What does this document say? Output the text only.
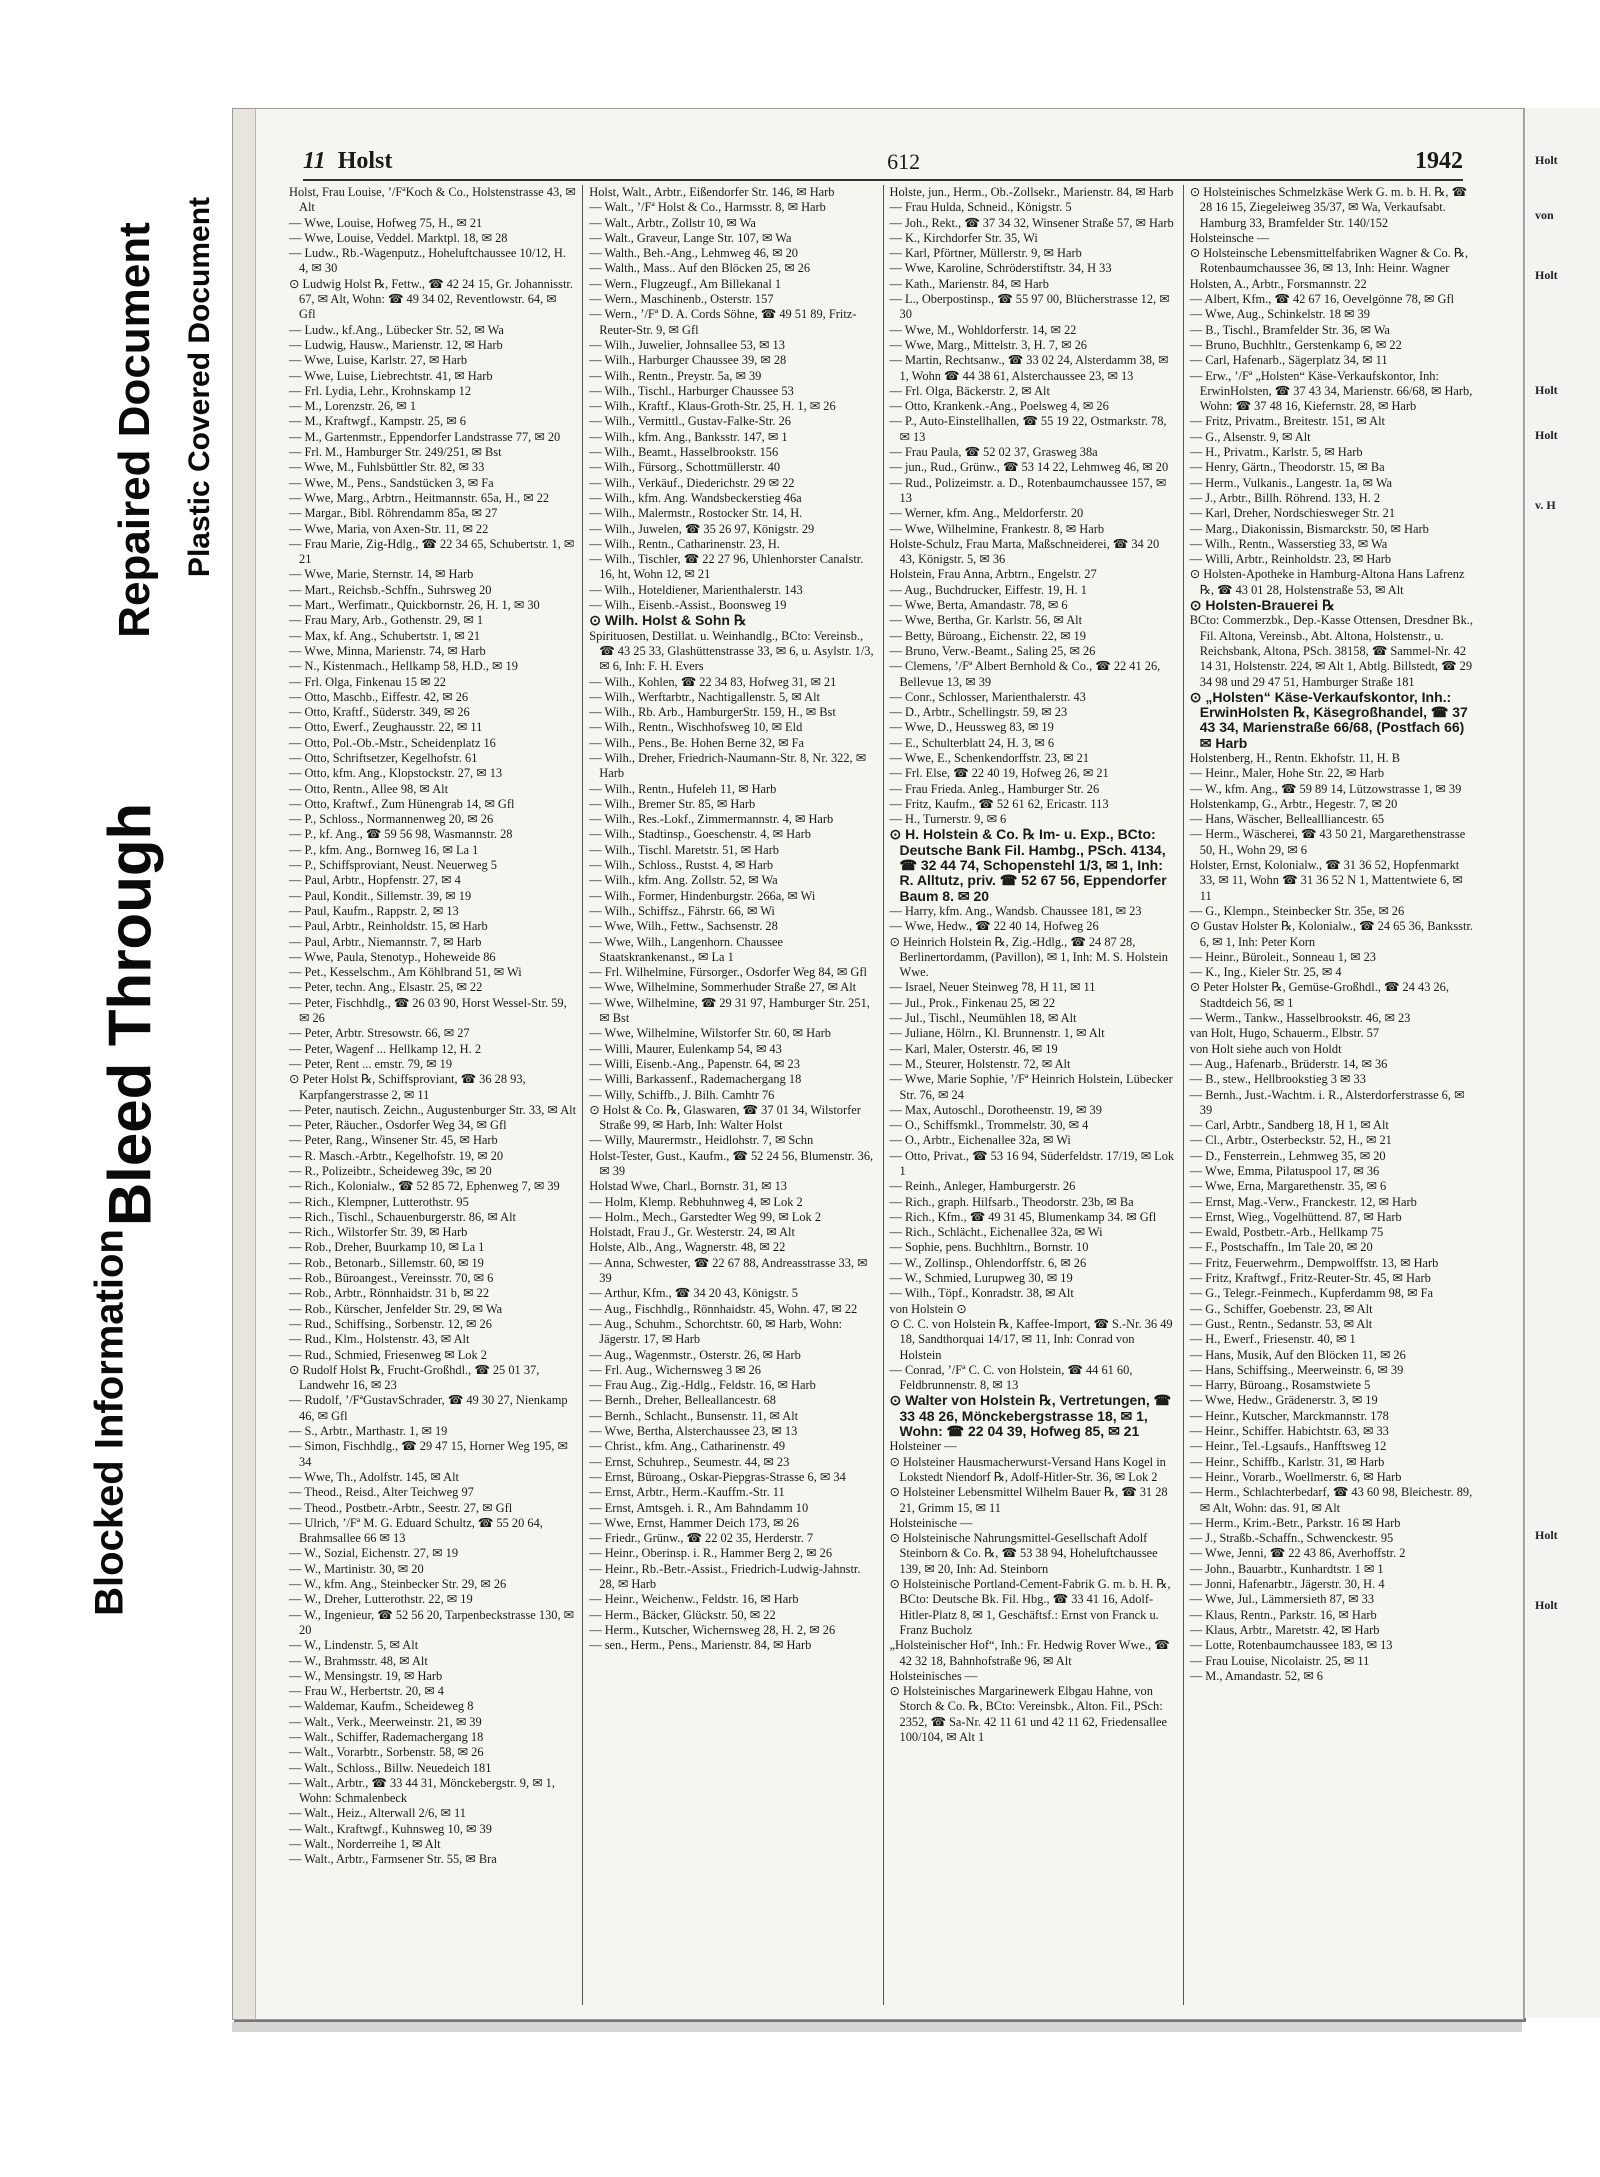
Blocked Information
Bleed Through
Repaired Document Plastic Covered Document
11 Holst	612	1942

Holst, Frau Louise, ’/FªKoch & Co., Holstenstrasse 43, ✉ Alt

— Wwe, Louise, Hofweg 75, H., ✉ 21

— Wwe, Louise, Veddel. Marktpl. 18, ✉ 28

— Ludw., Rb.-Wagenputz., Hoheluftchaussee 10/12, H. 4, ✉ 30

⊙ Ludwig Holst ℞, Fettw., ☎ 42 24 15, Gr. Johannisstr. 67, ✉ Alt, Wohn: ☎ 49 34 02, Reventlowstr. 64, ✉ Gfl

— Ludw., kf.Ang., Lübecker Str. 52, ✉ Wa

— Ludwig, Hausw., Marienstr. 12, ✉ Harb

— Wwe, Luise, Karlstr. 27, ✉ Harb

— Wwe, Luise, Liebrechtstr. 41, ✉ Harb

— Frl. Lydia, Lehr., Krohnskamp 12

— M., Lorenzstr. 26, ✉ 1

— M., Kraftwgf., Kampstr. 25, ✉ 6

— M., Gartenmstr., Eppendorfer Landstrasse 77, ✉ 20

— Frl. M., Hamburger Str. 249/251, ✉ Bst

— Wwe, M., Fuhlsbüttler Str. 82, ✉ 33

— Wwe, M., Pens., Sandstücken 3, ✉ Fa

— Wwe, Marg., Arbtrn., Heitmannstr. 65a, H., ✉ 22

— Margar., Bibl. Röhrendamm 85a, ✉ 27

— Wwe, Maria, von Axen-Str. 11, ✉ 22

— Frau Marie, Zig-Hdlg., ☎ 22 34 65, Schubertstr. 1, ✉ 21

— Wwe, Marie, Sternstr. 14, ✉ Harb

— Mart., Reichsb.-Schffn., Suhrsweg 20

— Mart., Werfimatr., Quickbornstr. 26, H. 1, ✉ 30

— Frau Mary, Arb., Gothenstr. 29, ✉ 1

— Max, kf. Ang., Schubertstr. 1, ✉ 21

— Wwe, Minna, Marienstr. 74, ✉ Harb

— N., Kistenmach., Hellkamp 58, H.D., ✉ 19

— Frl. Olga, Finkenau 15 ✉ 22

— Otto, Maschb., Eiffestr. 42, ✉ 26

— Otto, Kraftf., Süderstr. 349, ✉ 26

— Otto, Ewerf., Zeughausstr. 22, ✉ 11

— Otto, Pol.-Ob.-Mstr., Scheidenplatz 16

— Otto, Schriftsetzer, Kegelhofstr. 61

— Otto, kfm. Ang., Klopstockstr. 27, ✉ 13

— Otto, Rentn., Allee 98, ✉ Alt

— Otto, Kraftwf., Zum Hünengrab 14, ✉ Gfl

— P., Schloss., Normannenweg 20, ✉ 26

— P., kf. Ang., ☎ 59 56 98, Wasmannstr. 28

— P., kfm. Ang., Bornweg 16, ✉ La 1

— P., Schiffsproviant, Neust. Neuerweg 5

— Paul, Arbtr., Hopfenstr. 27, ✉ 4

— Paul, Kondit., Sillemstr. 39, ✉ 19

— Paul, Kaufm., Rappstr. 2, ✉ 13

— Paul, Arbtr., Reinholdstr. 15, ✉ Harb

— Paul, Arbtr., Niemannstr. 7, ✉ Harb

— Wwe, Paula, Stenotyp., Hoheweide 86

— Pet., Kesselschm., Am Köhlbrand 51, ✉ Wi

— Peter, techn. Ang., Elsastr. 25, ✉ 22

— Peter, Fischhdlg., ☎ 26 03 90, Horst Wessel-Str. 59, ✉ 26

— Peter, Arbtr. Stresowstr. 66, ✉ 27

— Peter, Wagenf ... Hellkamp 12, H. 2

— Peter, Rent ... emstr. 79, ✉ 19

⊙ Peter Holst ℞, Schiffsproviant, ☎ 36 28 93, Karpfangerstrasse 2, ✉ 11

— Peter, nautisch. Zeichn., Augustenburger Str. 33, ✉ Alt

— Peter, Räucher., Osdorfer Weg 34, ✉ Gfl

— Peter, Rang., Winsener Str. 45, ✉ Harb

— R. Masch.-Arbtr., Kegelhofstr. 19, ✉ 20

— R., Polizeibtr., Scheideweg 39c, ✉ 20

— Rich., Kolonialw., ☎ 52 85 72, Ephenweg 7, ✉ 39

— Rich., Klempner, Lutterothstr. 95

— Rich., Tischl., Schauenburgerstr. 86, ✉ Alt

— Rich., Wilstorfer Str. 39, ✉ Harb

— Rob., Dreher, Buurkamp 10, ✉ La 1

— Rob., Betonarb., Sillemstr. 60, ✉ 19

— Rob., Büroangest., Vereinsstr. 70, ✉ 6

— Rob., Arbtr., Rönnhaidstr. 31 b, ✉ 22

— Rob., Kürscher, Jenfelder Str. 29, ✉ Wa

— Rud., Schiffsing., Sorbenstr. 12, ✉ 26

— Rud., Klm., Holstenstr. 43, ✉ Alt

— Rud., Schmied, Friesenweg ✉ Lok 2

⊙ Rudolf Holst ℞, Frucht-Großhdl., ☎ 25 01 37, Landwehr 16, ✉ 23

— Rudolf, ’/FªGustavSchrader, ☎ 49 30 27, Nienkamp 46, ✉ Gfl

— S., Arbtr., Marthastr. 1, ✉ 19

— Simon, Fischhdlg., ☎ 29 47 15, Horner Weg 195, ✉ 34

— Wwe, Th., Adolfstr. 145, ✉ Alt

— Theod., Reisd., Alter Teichweg 97

— Theod., Postbetr.-Arbtr., Seestr. 27, ✉ Gfl

— Ulrich, ’/Fª M. G. Eduard Schultz, ☎ 55 20 64, Brahmsallee 66 ✉ 13

— W., Sozial, Eichenstr. 27, ✉ 19

— W., Martinistr. 30, ✉ 20

— W., kfm. Ang., Steinbecker Str. 29, ✉ 26

— W., Dreher, Lutterothstr. 22, ✉ 19

— W., Ingenieur, ☎ 52 56 20, Tarpenbeckstrasse 130, ✉ 20

— W., Lindenstr. 5, ✉ Alt

— W., Brahmsstr. 48, ✉ Alt

— W., Mensingstr. 19, ✉ Harb

— Frau W., Herbertstr. 20, ✉ 4

— Waldemar, Kaufm., Scheideweg 8

— Walt., Verk., Meerweinstr. 21, ✉ 39

— Walt., Schiffer, Rademachergang 18

— Walt., Vorarbtr., Sorbenstr. 58, ✉ 26

— Walt., Schloss., Billw. Neuedeich 181

— Walt., Arbtr., ☎ 33 44 31, Mönckebergstr. 9, ✉ 1, Wohn: Schmalenbeck

— Walt., Heiz., Alterwall 2/6, ✉ 11

— Walt., Kraftwgf., Kuhnsweg 10, ✉ 39

— Walt., Norderreihe 1, ✉ Alt

— Walt., Arbtr., Farmsener Str. 55, ✉ Bra

Holst, Walt., Arbtr., Eißendorfer Str. 146, ✉ Harb

— Walt., ’/Fª Holst & Co., Harmsstr. 8, ✉ Harb

— Walt., Arbtr., Zollstr 10, ✉ Wa

— Walt., Graveur, Lange Str. 107, ✉ Wa

— Walth., Beh.-Ang., Lehmweg 46, ✉ 20

— Walth., Mass.. Auf den Blöcken 25, ✉ 26

— Wern., Flugzeugf., Am Billekanal 1

— Wern., Maschinenb., Osterstr. 157

— Wern., ’/Fª D. A. Cords Söhne, ☎ 49 51 89, Fritz-Reuter-Str. 9, ✉ Gfl

— Wilh., Juwelier, Johnsallee 53, ✉ 13

— Wilh., Harburger Chaussee 39, ✉ 28

— Wilh., Rentn., Preystr. 5a, ✉ 39

— Wilh., Tischl., Harburger Chaussee 53

— Wilh., Kraftf., Klaus-Groth-Str. 25, H. 1, ✉ 26

— Wilh., Vermittl., Gustav-Falke-Str. 26

— Wilh., kfm. Ang., Banksstr. 147, ✉ 1

— Wilh., Beamt., Hasselbrookstr. 156

— Wilh., Fürsorg., Schottmüllerstr. 40

— Wilh., Verkäuf., Diederichstr. 29 ✉ 22

— Wilh., kfm. Ang. Wandsbeckerstieg 46a

— Wilh., Malermstr., Rostocker Str. 14, H.

— Wilh., Juwelen, ☎ 35 26 97, Königstr. 29

— Wilh., Rentn., Catharinenstr. 23, H.

— Wilh., Tischler, ☎ 22 27 96, Uhlenhorster Canalstr. 16, ht, Wohn 12, ✉ 21

— Wilh., Hoteldiener, Marienthalerstr. 143

— Wilh., Eisenb.-Assist., Boonsweg 19

⊙ Wilh. Holst & Sohn ℞

Spirituosen, Destillat. u. Weinhandlg., BCto: Vereinsb., ☎ 43 25 33, Glashüttenstrasse 33, ✉ 6, u. Asylstr. 1/3, ✉ 6, Inh: F. H. Evers

— Wilh., Kohlen, ☎ 22 34 83, Hofweg 31, ✉ 21

— Wilh., Werftarbtr., Nachtigallenstr. 5, ✉ Alt

— Wilh., Rb. Arb., HamburgerStr. 159, H., ✉ Bst

— Wilh., Rentn., Wischhofsweg 10, ✉ Eld

— Wilh., Pens., Be. Hohen Berne 32, ✉ Fa

— Wilh., Dreher, Friedrich-Naumann-Str. 8, Nr. 322, ✉ Harb

— Wilh., Rentn., Hufeleh 11, ✉ Harb

— Wilh., Bremer Str. 85, ✉ Harb

— Wilh., Res.-Lokf., Zimmermannstr. 4, ✉ Harb

— Wilh., Stadtinsp., Goeschenstr. 4, ✉ Harb

— Wilh., Tischl. Maretstr. 51, ✉ Harb

— Wilh., Schloss., Rustst. 4, ✉ Harb

— Wilh., kfm. Ang. Zollstr. 52, ✉ Wa

— Wilh., Former, Hindenburgstr. 266a, ✉ Wi

— Wilh., Schiffsz., Fährstr. 66, ✉ Wi

— Wwe, Wilh., Fettw., Sachsenstr. 28

— Wwe, Wilh., Langenhorn. Chaussee Staatskrankenanst., ✉ La 1

— Frl. Wilhelmine, Fürsorger., Osdorfer Weg 84, ✉ Gfl

— Wwe, Wilhelmine, Sommerhuder Straße 27, ✉ Alt

— Wwe, Wilhelmine, ☎ 29 31 97, Hamburger Str. 251, ✉ Bst

— Wwe, Wilhelmine, Wilstorfer Str. 60, ✉ Harb

— Willi, Maurer, Eulenkamp 54, ✉ 43

— Willi, Eisenb.-Ang., Papenstr. 64, ✉ 23

— Willi, Barkassenf., Rademachergang 18

— Willy, Schiffb., J. Bilh. Camhtr 76

⊙ Holst & Co. ℞, Glaswaren, ☎ 37 01 34, Wilstorfer Straße 99, ✉ Harb, Inh: Walter Holst

— Willy, Maurermstr., Heidlohstr. 7, ✉ Schn

Holst-Tester, Gust., Kaufm., ☎ 52 24 56, Blumenstr. 36, ✉ 39

Holstad Wwe, Charl., Bornstr. 31, ✉ 13

— Holm, Klemp. Rebhuhnweg 4, ✉ Lok 2

— Holm., Mech., Garstedter Weg 99, ✉ Lok 2

Holstadt, Frau J., Gr. Westerstr. 24, ✉ Alt

Holste, Alb., Ang., Wagnerstr. 48, ✉ 22

— Anna, Schwester, ☎ 22 67 88, Andreasstrasse 33, ✉ 39

— Arthur, Kfm., ☎ 34 20 43, Königstr. 5

— Aug., Fischhdlg., Rönnhaidstr. 45, Wohn. 47, ✉ 22

— Aug., Schuhm., Schorchtstr. 60, ✉ Harb, Wohn: Jägerstr. 17, ✉ Harb

— Aug., Wagenmstr., Osterstr. 26, ✉ Harb

— Frl. Aug., Wichernsweg 3 ✉ 26

— Frau Aug., Zig.-Hdlg., Feldstr. 16, ✉ Harb

— Bernh., Dreher, Belleallancestr. 68

— Bernh., Schlacht., Bunsenstr. 11, ✉ Alt

— Wwe, Bertha, Alsterchaussee 23, ✉ 13

— Christ., kfm. Ang., Catharinenstr. 49

— Ernst, Schuhrep., Seumestr. 44, ✉ 23

— Ernst, Büroang., Oskar-Piepgras-Strasse 6, ✉ 34

— Ernst, Arbtr., Herm.-Kauffm.-Str. 11

— Ernst, Amtsgeh. i. R., Am Bahndamm 10

— Wwe, Ernst, Hammer Deich 173, ✉ 26

— Friedr., Grünw., ☎ 22 02 35, Herderstr. 7

— Heinr., Oberinsp. i. R., Hammer Berg 2, ✉ 26

— Heinr., Rb.-Betr.-Assist., Friedrich-Ludwig-Jahnstr. 28, ✉ Harb

— Heinr., Weichenw., Feldstr. 16, ✉ Harb

— Herm., Bäcker, Glückstr. 50, ✉ 22

— Herm., Kutscher, Wichernsweg 28, H. 2, ✉ 26

— sen., Herm., Pens., Marienstr. 84, ✉ Harb

Holste, jun., Herm., Ob.-Zollsekr., Marienstr. 84, ✉ Harb

— Frau Hulda, Schneid., Königstr. 5

— Joh., Rekt., ☎ 37 34 32, Winsener Straße 57, ✉ Harb

— K., Kirchdorfer Str. 35, Wi

— Karl, Pförtner, Müllerstr. 9, ✉ Harb

— Wwe, Karoline, Schröderstiftstr. 34, H 33

— Kath., Marienstr. 84, ✉ Harb

— L., Oberpostinsp., ☎ 55 97 00, Blücherstrasse 12, ✉ 30

— Wwe, M., Wohldorferstr. 14, ✉ 22

— Wwe, Marg., Mittelstr. 3, H. 7, ✉ 26

— Martin, Rechtsanw., ☎ 33 02 24, Alsterdamm 38, ✉ 1, Wohn ☎ 44 38 61, Alsterchaussee 23, ✉ 13

— Frl. Olga, Bäckerstr. 2, ✉ Alt

— Otto, Krankenk.-Ang., Poelsweg 4, ✉ 26

— P., Auto-Einstellhallen, ☎ 55 19 22, Ostmarkstr. 78, ✉ 13

— Frau Paula, ☎ 52 02 37, Grasweg 38a

— jun., Rud., Grünw., ☎ 53 14 22, Lehmweg 46, ✉ 20

— Rud., Polizeimstr. a. D., Rotenbaumchaussee 157, ✉ 13

— Werner, kfm. Ang., Meldorferstr. 20

— Wwe, Wilhelmine, Frankestr. 8, ✉ Harb

Holste-Schulz, Frau Marta, Maßschneiderei, ☎ 34 20 43, Königstr. 5, ✉ 36

Holstein, Frau Anna, Arbtrn., Engelstr. 27

— Aug., Buchdrucker, Eiffestr. 19, H. 1

— Wwe, Berta, Amandastr. 78, ✉ 6

— Wwe, Bertha, Gr. Karlstr. 56, ✉ Alt

— Betty, Büroang., Eichenstr. 22, ✉ 19

— Bruno, Verw.-Beamt., Saling 25, ✉ 26

— Clemens, ’/Fª Albert Bernhold & Co., ☎ 22 41 26, Bellevue 13, ✉ 39

— Conr., Schlosser, Marienthalerstr. 43

— D., Arbtr., Schellingstr. 59, ✉ 23

— Wwe, D., Heussweg 83, ✉ 19

— E., Schulterblatt 24, H. 3, ✉ 6

— Wwe, E., Schenkendorffstr. 23, ✉ 21

— Frl. Else, ☎ 22 40 19, Hofweg 26, ✉ 21

— Frau Frieda. Anleg., Hamburger Str. 26

— Fritz, Kaufm., ☎ 52 61 62, Ericastr. 113

— H., Turnerstr. 9, ✉ 6

⊙ H. Holstein & Co. ℞ Im- u. Exp., BCto: Deutsche Bank Fil. Hambg., PSch. 4134, ☎ 32 44 74, Schopenstehl 1/3, ✉ 1, Inh: R. Alltutz, priv. ☎ 52 67 56, Eppendorfer Baum 8. ✉ 20

— Harry, kfm. Ang., Wandsb. Chaussee 181, ✉ 23

— Wwe, Hedw., ☎ 22 40 14, Hofweg 26

⊙ Heinrich Holstein ℞, Zig.-Hdlg., ☎ 24 87 28, Berlinertordamm, (Pavillon), ✉ 1, Inh: M. S. Holstein Wwe.

— Israel, Neuer Steinweg 78, H 11, ✉ 11

— Jul., Prok., Finkenau 25, ✉ 22

— Jul., Tischl., Neumühlen 18, ✉ Alt

— Juliane, Hölrn., Kl. Brunnenstr. 1, ✉ Alt

— Karl, Maler, Osterstr. 46, ✉ 19

— M., Steurer, Holstenstr. 72, ✉ Alt

— Wwe, Marie Sophie, ’/Fª Heinrich Holstein, Lübecker Str. 76, ✉ 24

— Max, Autoschl., Dorotheenstr. 19, ✉ 39

— O., Schiffsmkl., Trommelstr. 30, ✉ 4

— O., Arbtr., Eichenallee 32a, ✉ Wi

— Otto, Privat., ☎ 53 16 94, Süderfeldstr. 17/19, ✉ Lok 1

— Reinh., Anleger, Hamburgerstr. 26

— Rich., graph. Hilfsarb., Theodorstr. 23b, ✉ Ba

— Rich., Kfm., ☎ 49 31 45, Blumenkamp 34. ✉ Gfl

— Rich., Schlächt., Eichenallee 32a, ✉ Wi

— Sophie, pens. Buchhltrn., Bornstr. 10

— W., Zollinsp., Ohlendorffstr. 6, ✉ 26

— W., Schmied, Lurupweg 30, ✉ 19

— Wilh., Töpf., Konradstr. 38, ✉ Alt

von Holstein ⊙

⊙ C. C. von Holstein ℞, Kaffee-Import, ☎ S.-Nr. 36 49 18, Sandthorquai 14/17, ✉ 11, Inh: Conrad von Holstein

— Conrad, ’/Fª C. C. von Holstein, ☎ 44 61 60, Feldbrunnenstr. 8, ✉ 13

⊙ Walter von Holstein ℞, Vertretungen, ☎ 33 48 26, Mönckebergstrasse 18, ✉ 1, Wohn: ☎ 22 04 39, Hofweg 85, ✉ 21

Holsteiner —

⊙ Holsteiner Hausmacherwurst-Versand Hans Kogel in Lokstedt Niendorf ℞, Adolf-Hitler-Str. 36, ✉ Lok 2

⊙ Holsteiner Lebensmittel Wilhelm Bauer ℞, ☎ 31 28 21, Grimm 15, ✉ 11

Holsteinische —

⊙ Holsteinische Nahrungsmittel-Gesellschaft Adolf Steinborn & Co. ℞, ☎ 53 38 94, Hoheluftchaussee 139, ✉ 20, Inh: Ad. Steinborn

⊙ Holsteinische Portland-Cement-Fabrik G. m. b. H. ℞, BCto: Deutsche Bk. Fil. Hbg., ☎ 33 41 16, Adolf-Hitler-Platz 8, ✉ 1, Geschäftsf.: Ernst von Franck u. Franz Bucholz

„Holsteinischer Hof“, Inh.: Fr. Hedwig Rover Wwe., ☎ 42 32 18, Bahnhofstraße 96, ✉ Alt

Holsteinisches —

⊙ Holsteinisches Margarinewerk Elbgau Hahne, von Storch & Co. ℞, BCto: Vereinsbk., Alton. Fil., PSch: 2352, ☎ Sa-Nr. 42 11 61 und 42 11 62, Friedensallee 100/104, ✉ Alt 1

⊙ Holsteinisches Schmelzkäse Werk G. m. b. H. ℞, ☎ 28 16 15, Ziegeleiweg 35/37, ✉ Wa, Verkaufsabt. Hamburg 33, Bramfelder Str. 140/152

Holsteinsche —

⊙ Holsteinsche Lebensmittelfabriken Wagner & Co. ℞, Rotenbaumchaussee 36, ✉ 13, Inh: Heinr. Wagner

Holsten, A., Arbtr., Forsmannstr. 22

— Albert, Kfm., ☎ 42 67 16, Oevelgönne 78, ✉ Gfl

— Wwe, Aug., Schinkelstr. 18 ✉ 39

— B., Tischl., Bramfelder Str. 36, ✉ Wa

— Bruno, Buchhltr., Gerstenkamp 6, ✉ 22

— Carl, Hafenarb., Sägerplatz 34, ✉ 11

— Erw., ’/Fª „Holsten“ Käse-Verkaufskontor, Inh: ErwinHolsten, ☎ 37 43 34, Marienstr. 66/68, ✉ Harb, Wohn: ☎ 37 48 16, Kiefernstr. 28, ✉ Harb

— Fritz, Privatm., Breitestr. 151, ✉ Alt

— G., Alsenstr. 9, ✉ Alt

— H., Privatm., Karlstr. 5, ✉ Harb

— Henry, Gärtn., Theodorstr. 15, ✉ Ba

— Herm., Vulkanis., Langestr. 1a, ✉ Wa

— J., Arbtr., Billh. Röhrend. 133, H. 2

— Karl, Dreher, Nordschiesweger Str. 21

— Marg., Diakonissin, Bismarckstr. 50, ✉ Harb

— Wilh., Rentn., Wasserstieg 33, ✉ Wa

— Willi, Arbtr., Reinholdstr. 23, ✉ Harb

⊙ Holsten-Apotheke in Hamburg-Altona Hans Lafrenz ℞, ☎ 43 01 28, Holstenstraße 53, ✉ Alt

⊙ Holsten-Brauerei ℞

BCto: Commerzbk., Dep.-Kasse Ottensen, Dresdner Bk., Fil. Altona, Vereinsb., Abt. Altona, Holstenstr., u. Reichsbank, Altona, PSch. 38158, ☎ Sammel-Nr. 42 14 31, Holstenstr. 224, ✉ Alt 1, Abtlg. Billstedt, ☎ 29 34 98 und 29 47 51, Hamburger Straße 181

⊙ „Holsten“ Käse-Verkaufskontor, Inh.: ErwinHolsten ℞, Käsegroßhandel, ☎ 37 43 34, Marienstraße 66/68, (Postfach 66) ✉ Harb

Holstenberg, H., Rentn. Ekhofstr. 11, H. B

— Heinr., Maler, Hohe Str. 22, ✉ Harb

— W., kfm. Ang., ☎ 59 89 14, Lützowstrasse 1, ✉ 39

Holstenkamp, G., Arbtr., Hegestr. 7, ✉ 20

— Hans, Wäscher, Belleallliancestr. 65

— Herm., Wäscherei, ☎ 43 50 21, Margarethenstrasse 50, H., Wohn 29, ✉ 6

Holster, Ernst, Kolonialw., ☎ 31 36 52, Hopfenmarkt 33, ✉ 11, Wohn ☎ 31 36 52 N 1, Mattentwiete 6, ✉ 11

— G., Klempn., Steinbecker Str. 35e, ✉ 26

⊙ Gustav Holster ℞, Kolonialw., ☎ 24 65 36, Banksstr. 6, ✉ 1, Inh: Peter Korn

— Heinr., Büroleit., Sonneau 1, ✉ 23

— K., Ing., Kieler Str. 25, ✉ 4

⊙ Peter Holster ℞, Gemüse-Großhdl., ☎ 24 43 26, Stadtdeich 56, ✉ 1

— Werm., Tankw., Hasselbrookstr. 46, ✉ 23

van Holt, Hugo, Schauerm., Elbstr. 57

von Holt siehe auch von Holdt

— Aug., Hafenarb., Brüderstr. 14, ✉ 36

— B., stew., Hellbrookstieg 3 ✉ 33

— Bernh., Just.-Wachtm. i. R., Alsterdorferstrasse 6, ✉ 39

— Carl, Arbtr., Sandberg 18, H 1, ✉ Alt

— Cl., Arbtr., Osterbeckstr. 52, H., ✉ 21

— D., Fensterrein., Lehmweg 35, ✉ 20

— Wwe, Emma, Pilatuspool 17, ✉ 36

— Wwe, Erna, Margarethenstr. 35, ✉ 6

— Ernst, Mag.-Verw., Franckestr. 12, ✉ Harb

— Ernst, Wieg., Vogelhüttend. 87, ✉ Harb

— Ewald, Postbetr.-Arb., Hellkamp 75

— F., Postschaffn., Im Tale 20, ✉ 20

— Fritz, Feuerwehrm., Dempwolffstr. 13, ✉ Harb

— Fritz, Kraftwgf., Fritz-Reuter-Str. 45, ✉ Harb

— G., Telegr.-Feinmech., Kupferdamm 98, ✉ Fa

— G., Schiffer, Goebenstr. 23, ✉ Alt

— Gust., Rentn., Sedanstr. 53, ✉ Alt

— H., Ewerf., Friesenstr. 40, ✉ 1

— Hans, Musik, Auf den Blöcken 11, ✉ 26

— Hans, Schiffsing., Meerweinstr. 6, ✉ 39

— Harry, Büroang., Rosamstwiete 5

— Wwe, Hedw., Grädenerstr. 3, ✉ 19

— Heinr., Kutscher, Marckmannstr. 178

— Heinr., Schiffer. Habichtstr. 63, ✉ 33

— Heinr., Tel.-Lgsaufs., Hanfftsweg 12

— Heinr., Schiffb., Karlstr. 31, ✉ Harb

— Heinr., Vorarb., Woellmerstr. 6, ✉ Harb

— Herm., Schlachterbedarf, ☎ 43 60 98, Bleichestr. 89, ✉ Alt, Wohn: das. 91, ✉ Alt

— Herm., Krim.-Betr., Parkstr. 16 ✉ Harb

— J., Straßb.-Schaffn., Schwenckestr. 95

— Wwe, Jenni, ☎ 22 43 86, Averhoffstr. 2

— John., Bauarbtr., Kunhardtstr. 1 ✉ 1

— Jonni, Hafenarbtr., Jägerstr. 30, H. 4

— Wwe, Jul., Lämmersieth 87, ✉ 33

— Klaus, Rentn., Parkstr. 16, ✉ Harb

— Klaus, Arbtr., Maretstr. 42, ✉ Harb

— Lotte, Rotenbaumchaussee 183, ✉ 13

— Frau Louise, Nicolaistr. 25, ✉ 11

— M., Amandastr. 52, ✉ 6

Holt
von
Holt
Holt
Holt
v. H
Holt
Holt
